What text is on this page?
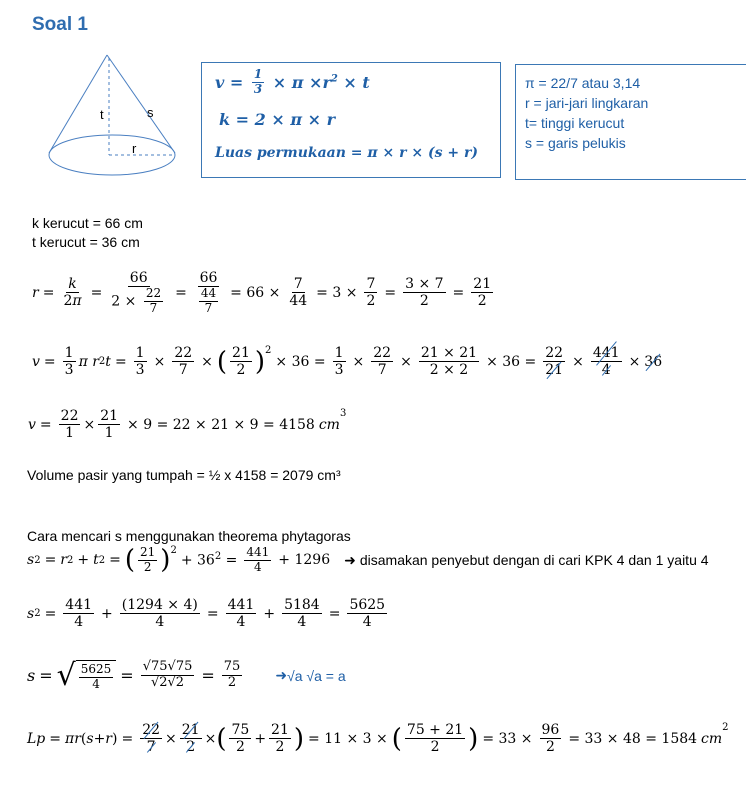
Soal 1
t	s
r
$v = \frac{1}{3} \times \pi \times r^2 \times t$
k = 2 × π × r
Luas permukaan = π × r × (s + r)
π = 22/7 atau 3,14
r = jari-jari lingkaran
t= tinggi kerucut
s = garis pelukis
k kerucut = 66 cm
t kerucut = 36 cm
$r = \frac{k}{2\pi} = \frac{66}{2 \times \frac{22}{7}} = \frac{66}{\frac{44}{7}} = 66 \times \frac{7}{44} = 3 \times \frac{7}{2} = \frac{3 \times 7}{2} = \frac{21}{2}$
$v = \frac{1}{3}$ π r 2 $t = \frac{1}{3} \times \frac{22}{7}$ × ( $\frac{21}{2} )^2$
× $36 = \frac{1}{3} \times \frac{22}{7} \times \frac{21 \times 21}{2 \times 2} \times 36 = \frac{22}{21} \times \frac{441}{4} \times 36$
$v = \frac{22}{1} \times \frac{21}{1} \times 9 = 22 \times 21 \times 9 = 4158$ cm
$^3$
Volume pasir yang tumpah = ½ x 4158 = 2079 cm³
Cara mencari s menggunakan theorema phytagoras
s 2 = r 2 + t 2 = ( $\frac{21}{2} )^2$
+ $36^2 = \frac{441}{4} + 1296$ ➜ disamakan penyebut dengan di cari KPK 4 dan 1 yaitu 4
s $2 = \frac{441}{4} + \frac{(1294 \times 4)}{4} = \frac{441}{4} + \frac{5184}{4} = \frac{5625}{4}$
s = √ $\frac{5625}{4} = \frac{√75√75}{√2√2} = \frac{75}{2}$ ➜ √a √a = a
Lp = πr ( s + r ) = $\frac{22}{7} \times \frac{21}{2}$ × ( $\frac{75}{2} + \frac{21}{2}$ ) = 11 × 3 × ( $\frac{75 + 21}{2}$ ) = $33 \times \frac{96}{2} = 33 \times 48 = 1584$ cm
$^2$
